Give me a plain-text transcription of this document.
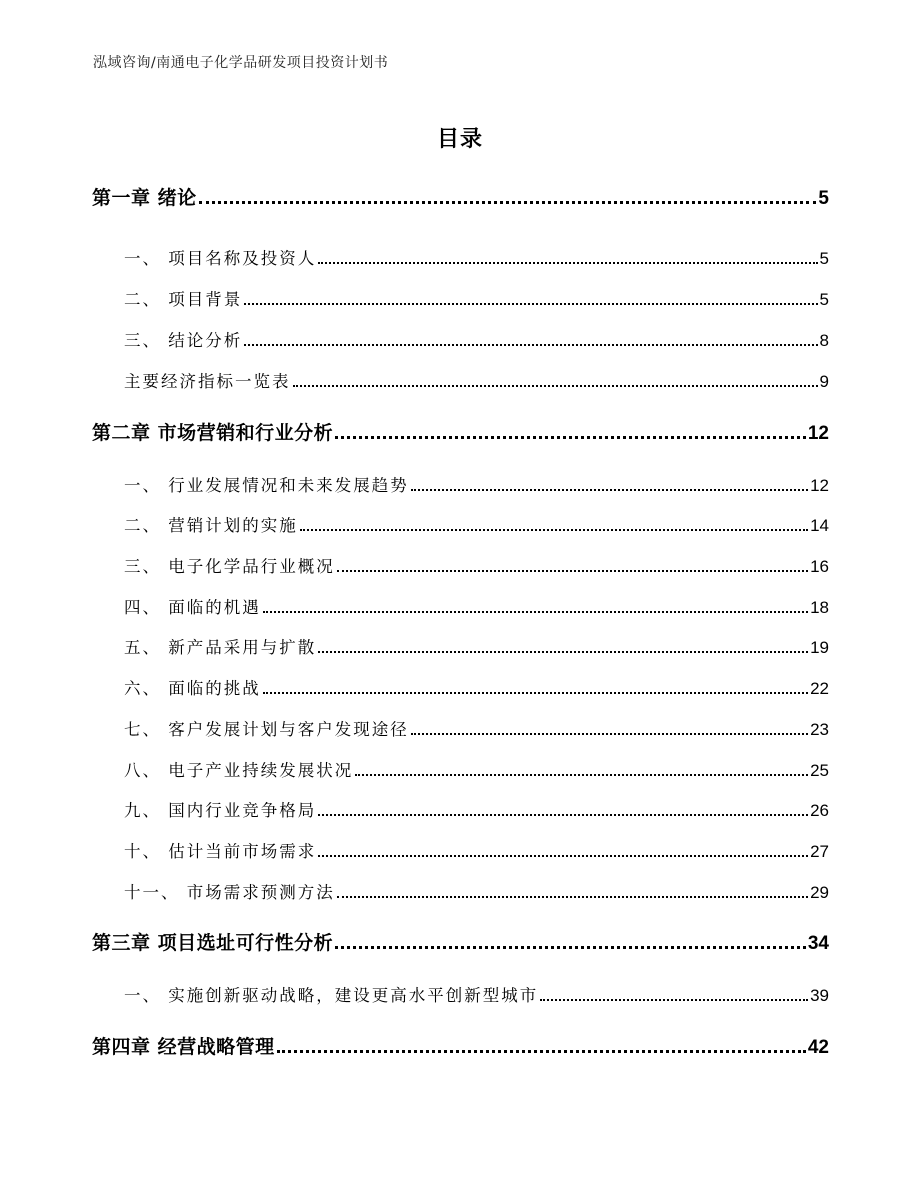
泓域咨询/南通电子化学品研发项目投资计划书
目录
第一章 绪论	5
一、 项目名称及投资人	5
二、 项目背景	5
三、 结论分析	8
主要经济指标一览表	9
第二章 市场营销和行业分析	12
一、 行业发展情况和未来发展趋势	12
二、 营销计划的实施	14
三、 电子化学品行业概况	16
四、 面临的机遇	18
五、 新产品采用与扩散	19
六、 面临的挑战	22
七、 客户发展计划与客户发现途径	23
八、 电子产业持续发展状况	25
九、 国内行业竞争格局	26
十、 估计当前市场需求	27
十一、 市场需求预测方法	29
第三章 项目选址可行性分析	34
一、 实施创新驱动战略，建设更高水平创新型城市	39
第四章 经营战略管理	42
